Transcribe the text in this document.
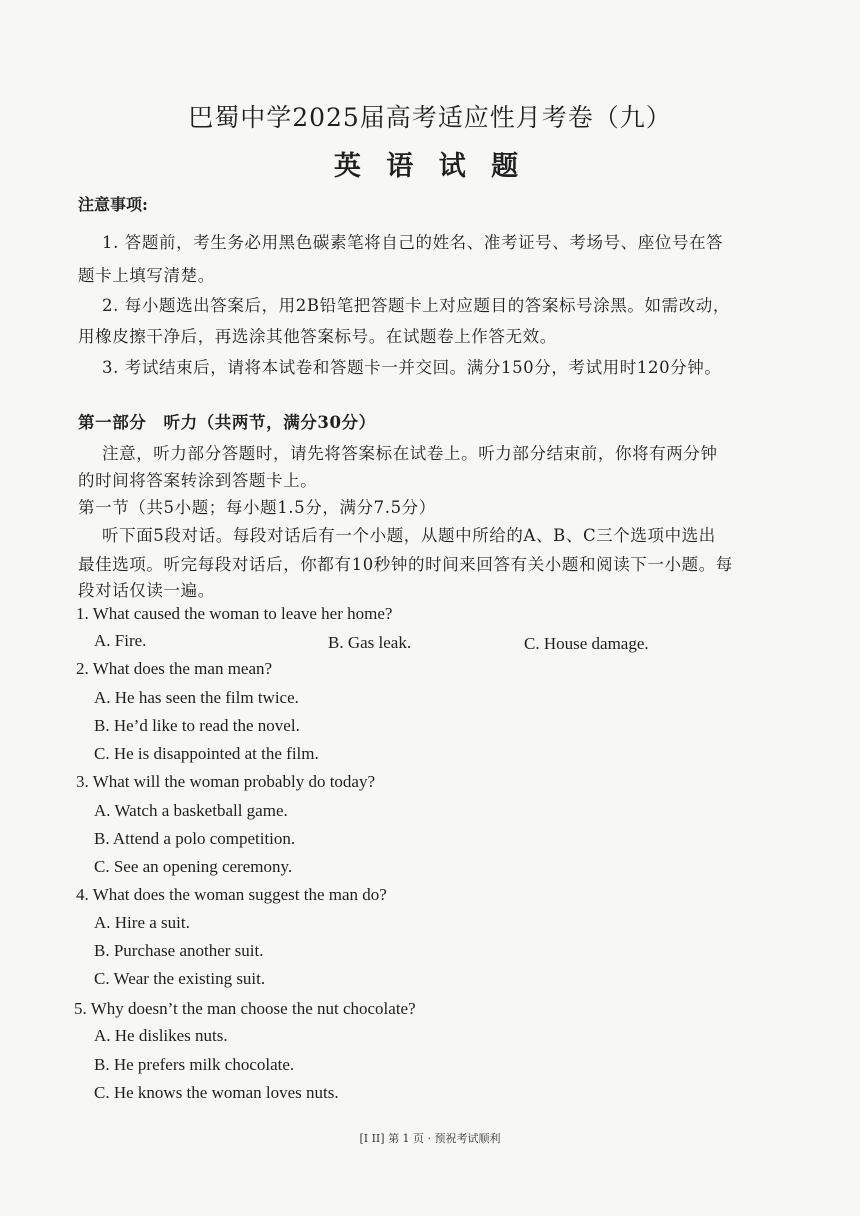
巴蜀中学2025届高考适应性月考卷（九）
英 语 试 题
注意事项:
1. 答题前，考生务必用黑色碳素笔将自己的姓名、准考证号、考场号、座位号在答
题卡上填写清楚。
2. 每小题选出答案后，用2B铅笔把答题卡上对应题目的答案标号涂黑。如需改动，
用橡皮擦干净后，再选涂其他答案标号。在试题卷上作答无效。
3. 考试结束后，请将本试卷和答题卡一并交回。满分150分，考试用时120分钟。
第一部分　听力（共两节，满分30分）
注意，听力部分答题时，请先将答案标在试卷上。听力部分结束前，你将有两分钟
的时间将答案转涂到答题卡上。
第一节（共5小题；每小题1.5分，满分7.5分）
听下面5段对话。每段对话后有一个小题，从题中所给的A、B、C三个选项中选出
最佳选项。听完每段对话后，你都有10秒钟的时间来回答有关小题和阅读下一小题。每
段对话仅读一遍。
1. What caused the woman to leave her home?
A. Fire.	B. Gas leak.	C. House damage.
2. What does the man mean?
A. He has seen the film twice.
B. He’d like to read the novel.
C. He is disappointed at the film.
3. What will the woman probably do today?
A. Watch a basketball game.
B. Attend a polo competition.
C. See an opening ceremony.
4. What does the woman suggest the man do?
A. Hire a suit.
B. Purchase another suit.
C. Wear the existing suit.
5. Why doesn’t the man choose the nut chocolate?
A. He dislikes nuts.
B. He prefers milk chocolate.
C. He knows the woman loves nuts.
[I II] 第 1 页 · 预祝考试顺利
